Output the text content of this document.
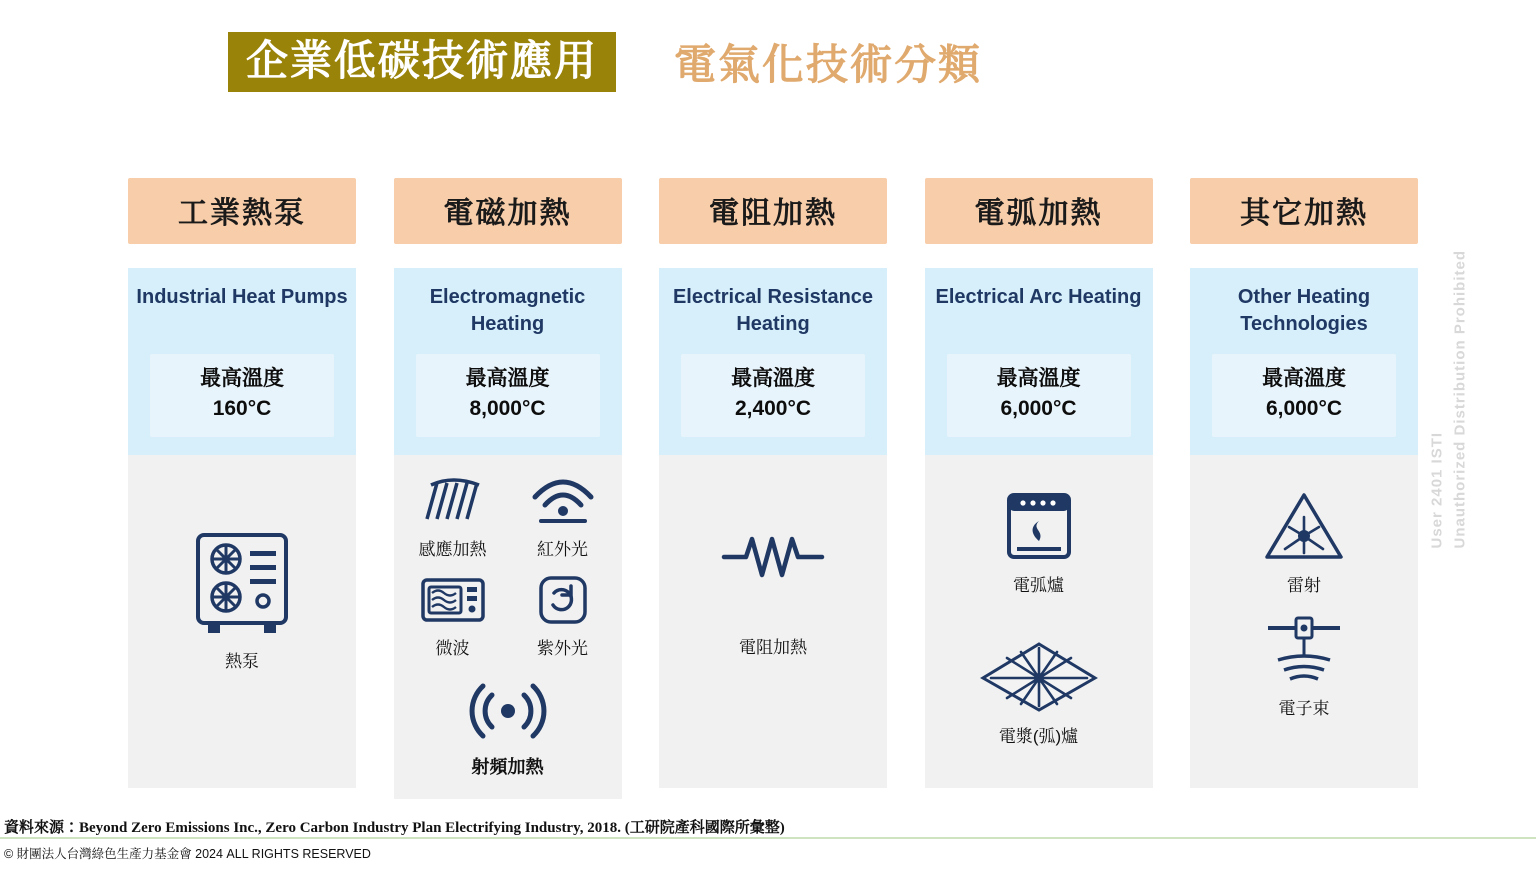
企業低碳技術應用	電氣化技術分類
User 2401 ISTI Unauthorized Distribution Prohibited
工業熱泵
Industrial Heat Pumps
最高溫度
160°C
熱泵
電磁加熱
Electromagnetic Heating
最高溫度
8,000°C
感應加熱	紅外光
微波	紫外光
射頻加熱
電阻加熱
Electrical Resistance Heating
最高溫度
2,400°C
電阻加熱
電弧加熱
Electrical Arc Heating
最高溫度
6,000°C
電弧爐
電漿(弧)爐
其它加熱
Other Heating Technologies
最高溫度
6,000°C
雷射
電子束
資料來源：Beyond Zero Emissions Inc., Zero Carbon Industry Plan Electrifying Industry, 2018. (工研院產科國際所彙整)
© 財團法人台灣綠色生產力基金會 2024 ALL RIGHTS RESERVED
